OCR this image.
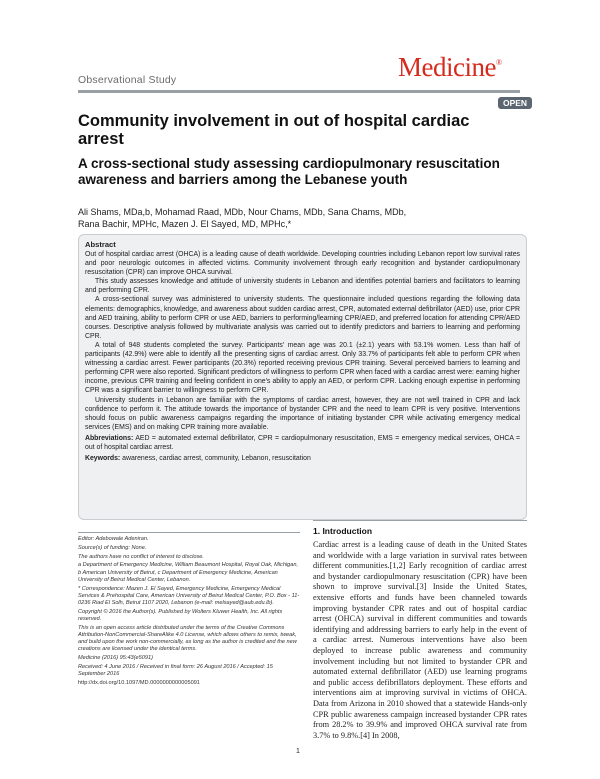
Observational Study	Medicine®
OPEN
Community involvement in out of hospital cardiac arrest
A cross-sectional study assessing cardiopulmonary resuscitation awareness and barriers among the Lebanese youth
Ali Shams, MDa,b, Mohamad Raad, MDb, Nour Chams, MDb, Sana Chams, MDb,
Rana Bachir, MPHc, Mazen J. El Sayed, MD, MPHc,*
Abstract

Out of hospital cardiac arrest (OHCA) is a leading cause of death worldwide. Developing countries including Lebanon report low survival rates and poor neurologic outcomes in affected victims. Community involvement through early recognition and bystander cardiopulmonary resuscitation (CPR) can improve OHCA survival.

This study assesses knowledge and attitude of university students in Lebanon and identifies potential barriers and facilitators to learning and performing CPR.

A cross-sectional survey was administered to university students. The questionnaire included questions regarding the following data elements: demographics, knowledge, and awareness about sudden cardiac arrest, CPR, automated external defibrillator (AED) use, prior CPR and AED training, ability to perform CPR or use AED, barriers to performing/learning CPR/AED, and preferred location for attending CPR/AED courses. Descriptive analysis followed by multivariate analysis was carried out to identify predictors and barriers to learning and performing CPR.

A total of 948 students completed the survey. Participants' mean age was 20.1 (±2.1) years with 53.1% women. Less than half of participants (42.9%) were able to identify all the presenting signs of cardiac arrest. Only 33.7% of participants felt able to perform CPR when witnessing a cardiac arrest. Fewer participants (20.3%) reported receiving previous CPR training. Several perceived barriers to learning and performing CPR were also reported. Significant predictors of willingness to perform CPR when faced with a cardiac arrest were: earning higher income, previous CPR training and feeling confident in one's ability to apply an AED, or perform CPR. Lacking enough expertise in performing CPR was a significant barrier to willingness to perform CPR.

University students in Lebanon are familiar with the symptoms of cardiac arrest, however, they are not well trained in CPR and lack confidence to perform it. The attitude towards the importance of bystander CPR and the need to learn CPR is very positive. Interventions should focus on public awareness campaigns regarding the importance of initiating bystander CPR while activating emergency medical services (EMS) and on making CPR training more available.

Abbreviations: AED = automated external defibrillator, CPR = cardiopulmonary resuscitation, EMS = emergency medical services, OHCA = out of hospital cardiac arrest.

Keywords: awareness, cardiac arrest, community, Lebanon, resuscitation

Editor: Adebowale Adeniran.
Source(s) of funding: None.
The authors have no conflict of interest to disclose.
a Department of Emergency Medicine, William Beaumont Hospital, Royal Oak, Michigan, b American University of Beirut, c Department of Emergency Medicine, American University of Beirut Medical Center, Lebanon.
* Correspondence: Mazen J. El Sayed, Emergency Medicine, Emergency Medical Services & Prehospital Care, American University of Beirut Medical Center, P.O. Box - 11-0236 Riad El Solh, Beirut 1107 2020, Lebanon (e-mail: melsayed@aub.edu.lb).
Copyright © 2016 the Author(s). Published by Wolters Kluwer Health, Inc. All rights reserved.
This is an open access article distributed under the terms of the Creative Commons Attribution-NonCommercial-ShareAlike 4.0 License, which allows others to remix, tweak, and build upon the work non-commercially, as long as the author is credited and the new creations are licensed under the identical terms.
Medicine (2016) 95:43(e5091)
Received: 4 June 2016 / Received in final form: 26 August 2016 / Accepted: 15 September 2016
http://dx.doi.org/10.1097/MD.0000000000005091
1. Introduction
Cardiac arrest is a leading cause of death in the United States and worldwide with a large variation in survival rates between different communities.[1,2] Early recognition of cardiac arrest and bystander cardiopulmonary resuscitation (CPR) have been shown to improve survival.[3] Inside the United States, extensive efforts and funds have been channeled towards improving bystander CPR rates and out of hospital cardiac arrest (OHCA) survival in different communities and towards identifying and addressing barriers to early help in the event of a cardiac arrest. Numerous interventions have also been deployed to increase public awareness and community involvement including but not limited to bystander CPR and automated external defibrillator (AED) use learning programs and public access defibrillators deployment. These efforts and interventions aim at improving survival in victims of OHCA. Data from Arizona in 2010 showed that a statewide Hands-only CPR public awareness campaign increased bystander CPR rates from 28.2% to 39.9% and improved OHCA survival rate from 3.7% to 9.8%.[4] In 2008,
1
